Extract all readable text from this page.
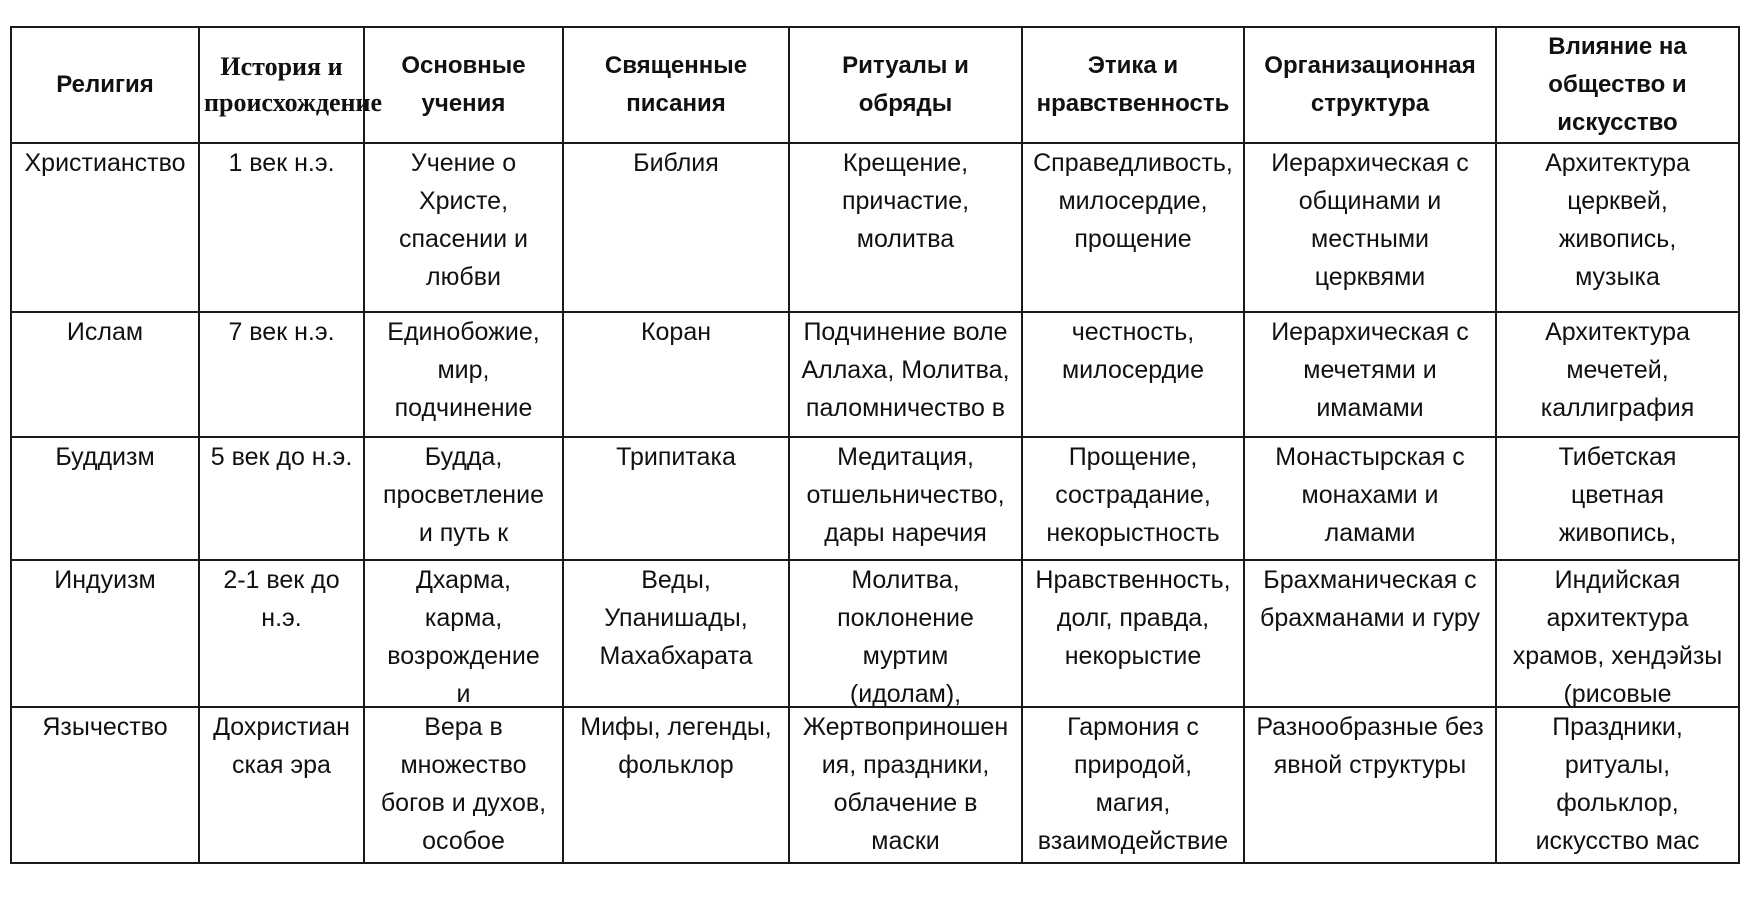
Религия	История и происхождение	Основные учения	Священные писания	Ритуалы и обряды	Этика и нравственность	Организационная структура	Влияние на общество и искусство

Христианство	1 век н.э.	Учение о
Христе,
спасении и
любви	Библия	Крещение,
причастие,
молитва	Справедливость,
милосердие,
прощение	Иерархическая с
общинами и
местными
церквями	Архитектура
церквей,
живопись,
музыка

Ислам	7 век н.э.	Единобожие,
мир,
подчинение	Коран	Подчинение воле
Аллаха, Молитва,
паломничество в	честность,
милосердие	Иерархическая с
мечетями и
имамами	Архитектура
мечетей,
каллиграфия

Буддизм	5 век до н.э.	Будда,
просветление
и путь к	Трипитака	Медитация,
отшельничество,
дары наречия	Прощение,
сострадание,
некорыстность	Монастырская с
монахами и
ламами	Тибетская
цветная
живопись,

Индуизм	2-1 век до
н.э.	Дхарма,
карма,
возрождение
и	Веды,
Упанишады,
Махабхарата	Молитва,
поклонение
муртим
(идолам),	Нравственность,
долг, правда,
некорыстие	Брахманическая с
брахманами и гуру	Индийская
архитектура
храмов, хендэйзы
(рисовые

Язычество	Дохристиан
ская эра	Вера в
множество
богов и духов,
особое	Мифы, легенды,
фольклор	Жертвоприношен
ия, праздники,
облачение в
маски	Гармония с
природой,
магия,
взаимодействие	Разнообразные без
явной структуры	Праздники,
ритуалы,
фольклор,
искусство мас
